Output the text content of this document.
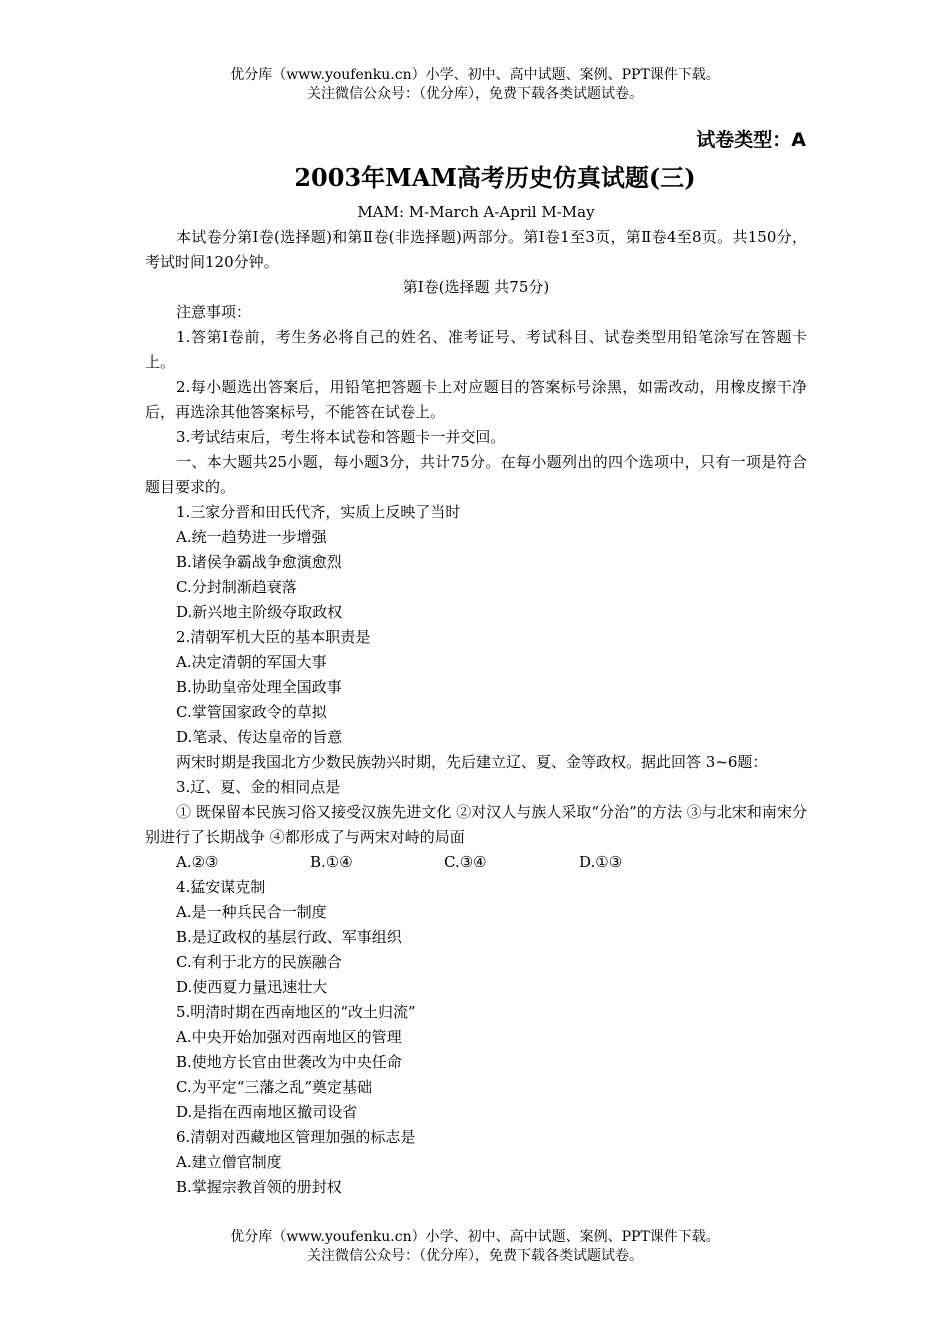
优分库（www.youfenku.cn）小学、初中、高中试题、案例、PPT课件下载。
关注微信公众号：（优分库），免费下载各类试题试卷。
试卷类型：A
2003年MAM高考历史仿真试题(三)

MAM: M-March A-April M-May

本试卷分第Ⅰ卷(选择题)和第Ⅱ卷(非选择题)两部分。第Ⅰ卷1至3页，第Ⅱ卷4至8页。共150分，考试时间120分钟。

第Ⅰ卷(选择题 共75分)

注意事项：

1.答第Ⅰ卷前，考生务必将自己的姓名、准考证号、考试科目、试卷类型用铅笔涂写在答题卡上。

2.每小题选出答案后，用铅笔把答题卡上对应题目的答案标号涂黑，如需改动，用橡皮擦干净后，再选涂其他答案标号，不能答在试卷上。

3.考试结束后，考生将本试卷和答题卡一并交回。

一、本大题共25小题，每小题3分，共计75分。在每小题列出的四个选项中，只有一项是符合题目要求的。

1.三家分晋和田氏代齐，实质上反映了当时

A.统一趋势进一步增强

B.诸侯争霸战争愈演愈烈

C.分封制渐趋衰落

D.新兴地主阶级夺取政权

2.清朝军机大臣的基本职责是

A.决定清朝的军国大事

B.协助皇帝处理全国政事

C.掌管国家政令的草拟

D.笔录、传达皇帝的旨意

两宋时期是我国北方少数民族勃兴时期，先后建立辽、夏、金等政权。据此回答 3~6题：

3.辽、夏、金的相同点是

① 既保留本民族习俗又接受汉族先进文化 ②对汉人与族人采取“分治”的方法 ③与北宋和南宋分别进行了长期战争 ④都形成了与两宋对峙的局面

A.②③	B.①④	C.③④	D.①③

4.猛安谋克制

A.是一种兵民合一制度

B.是辽政权的基层行政、军事组织

C.有利于北方的民族融合

D.使西夏力量迅速壮大

5.明清时期在西南地区的“改土归流”

A.中央开始加强对西南地区的管理

B.使地方长官由世袭改为中央任命

C.为平定“三藩之乱”奠定基础

D.是指在西南地区撤司设省

6.清朝对西藏地区管理加强的标志是

A.建立僧官制度

B.掌握宗教首领的册封权

优分库（www.youfenku.cn）小学、初中、高中试题、案例、PPT课件下载。
关注微信公众号：（优分库），免费下载各类试题试卷。
